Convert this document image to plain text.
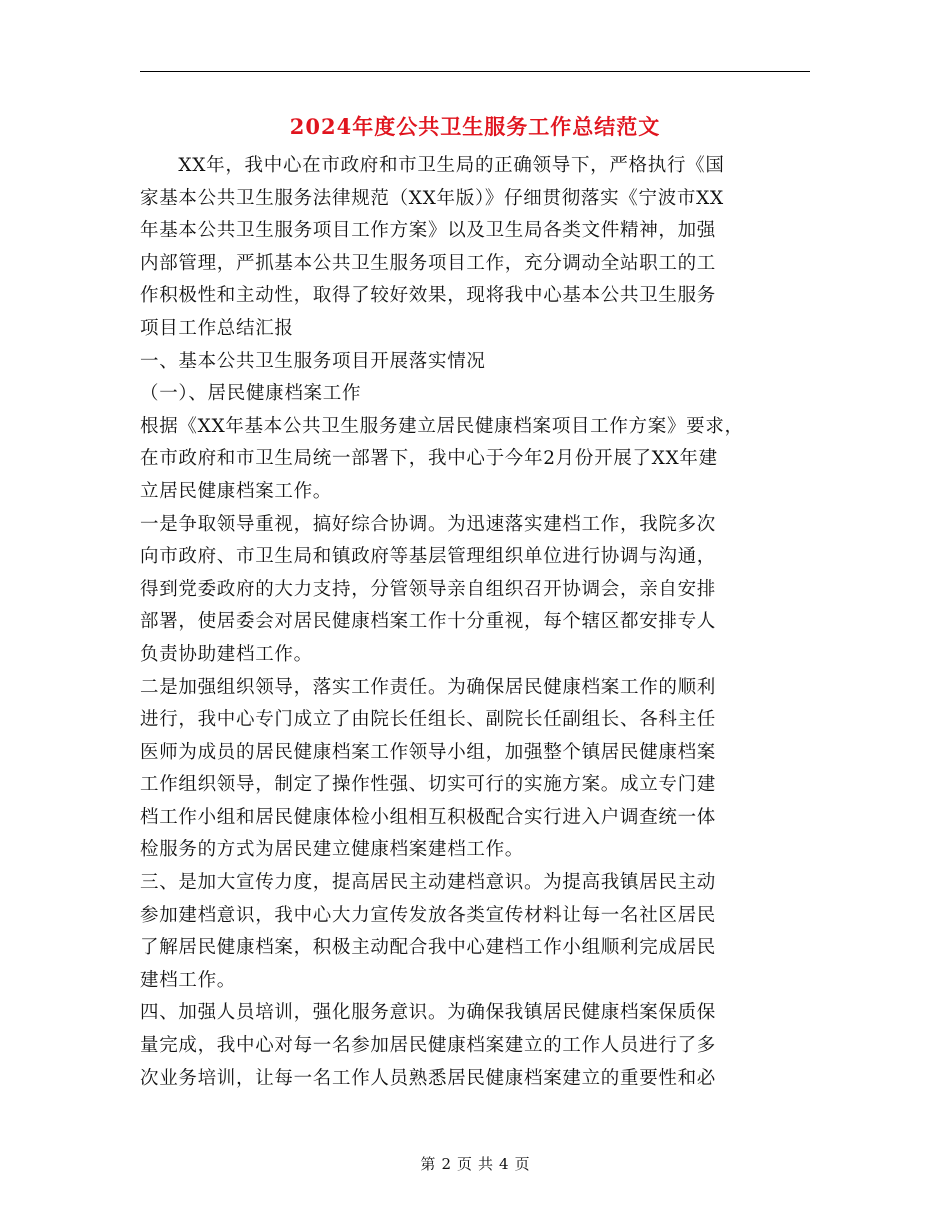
2024年度公共卫生服务工作总结范文
　　XX年，我中心在市政府和市卫生局的正确领导下，严格执行《国
家基本公共卫生服务法律规范（XX年版）》仔细贯彻落实《宁波市XX
年基本公共卫生服务项目工作方案》以及卫生局各类文件精神，加强
内部管理，严抓基本公共卫生服务项目工作，充分调动全站职工的工
作积极性和主动性，取得了较好效果，现将我中心基本公共卫生服务
项目工作总结汇报
一、基本公共卫生服务项目开展落实情况
（一）、居民健康档案工作
根据《XX年基本公共卫生服务建立居民健康档案项目工作方案》要求，
在市政府和市卫生局统一部署下，我中心于今年2月份开展了XX年建
立居民健康档案工作。
一是争取领导重视，搞好综合协调。为迅速落实建档工作，我院多次
向市政府、市卫生局和镇政府等基层管理组织单位进行协调与沟通，
得到党委政府的大力支持，分管领导亲自组织召开协调会，亲自安排
部署，使居委会对居民健康档案工作十分重视，每个辖区都安排专人
负责协助建档工作。
二是加强组织领导，落实工作责任。为确保居民健康档案工作的顺利
进行，我中心专门成立了由院长任组长、副院长任副组长、各科主任
医师为成员的居民健康档案工作领导小组，加强整个镇居民健康档案
工作组织领导，制定了操作性强、切实可行的实施方案。成立专门建
档工作小组和居民健康体检小组相互积极配合实行进入户调查统一体
检服务的方式为居民建立健康档案建档工作。
三、是加大宣传力度，提高居民主动建档意识。为提高我镇居民主动
参加建档意识，我中心大力宣传发放各类宣传材料让每一名社区居民
了解居民健康档案，积极主动配合我中心建档工作小组顺利完成居民
建档工作。
四、加强人员培训，强化服务意识。为确保我镇居民健康档案保质保
量完成，我中心对每一名参加居民健康档案建立的工作人员进行了多
次业务培训，让每一名工作人员熟悉居民健康档案建立的重要性和必
第 2 页 共 4 页
